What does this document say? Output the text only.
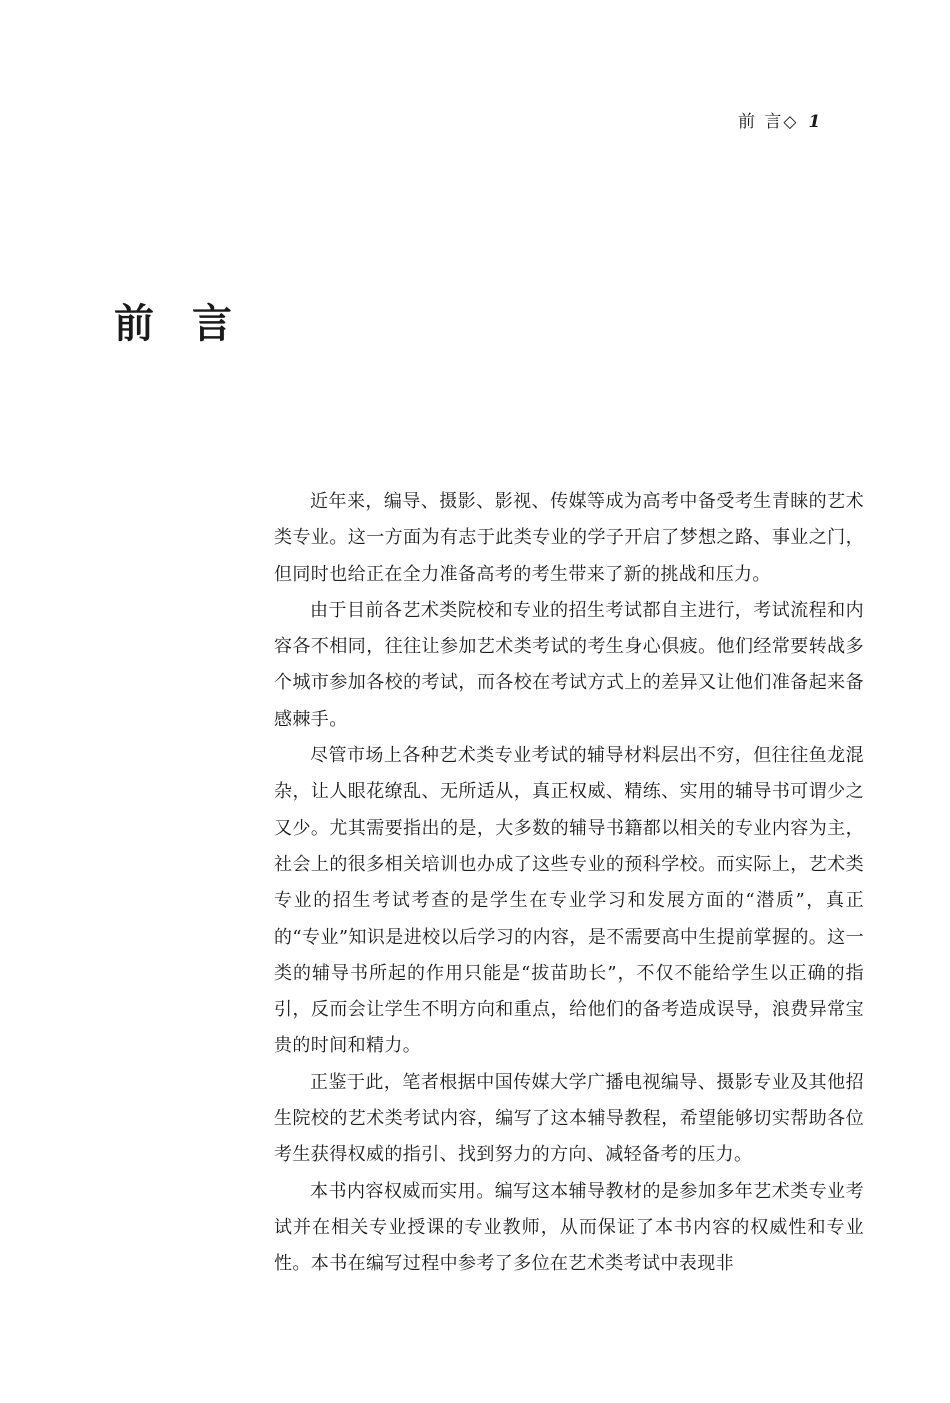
前 言◇ 1
前言

近年来，编导、摄影、影视、传媒等成为高考中备受考生青睐的艺术类专业。这一方面为有志于此类专业的学子开启了梦想之路、事业之门，但同时也给正在全力准备高考的考生带来了新的挑战和压力。

由于目前各艺术类院校和专业的招生考试都自主进行，考试流程和内容各不相同，往往让参加艺术类考试的考生身心俱疲。他们经常要转战多个城市参加各校的考试，而各校在考试方式上的差异又让他们准备起来备感棘手。

尽管市场上各种艺术类专业考试的辅导材料层出不穷，但往往鱼龙混杂，让人眼花缭乱、无所适从，真正权威、精练、实用的辅导书可谓少之又少。尤其需要指出的是，大多数的辅导书籍都以相关的专业内容为主，社会上的很多相关培训也办成了这些专业的预科学校。而实际上，艺术类专业的招生考试考查的是学生在专业学习和发展方面的“潜质”，真正的“专业”知识是进校以后学习的内容，是不需要高中生提前掌握的。这一类的辅导书所起的作用只能是“拔苗助长”，不仅不能给学生以正确的指引，反而会让学生不明方向和重点，给他们的备考造成误导，浪费异常宝贵的时间和精力。

正鉴于此，笔者根据中国传媒大学广播电视编导、摄影专业及其他招生院校的艺术类考试内容，编写了这本辅导教程，希望能够切实帮助各位考生获得权威的指引、找到努力的方向、减轻备考的压力。

本书内容权威而实用。编写这本辅导教材的是参加多年艺术类专业考试并在相关专业授课的专业教师，从而保证了本书内容的权威性和专业性。本书在编写过程中参考了多位在艺术类考试中表现非
